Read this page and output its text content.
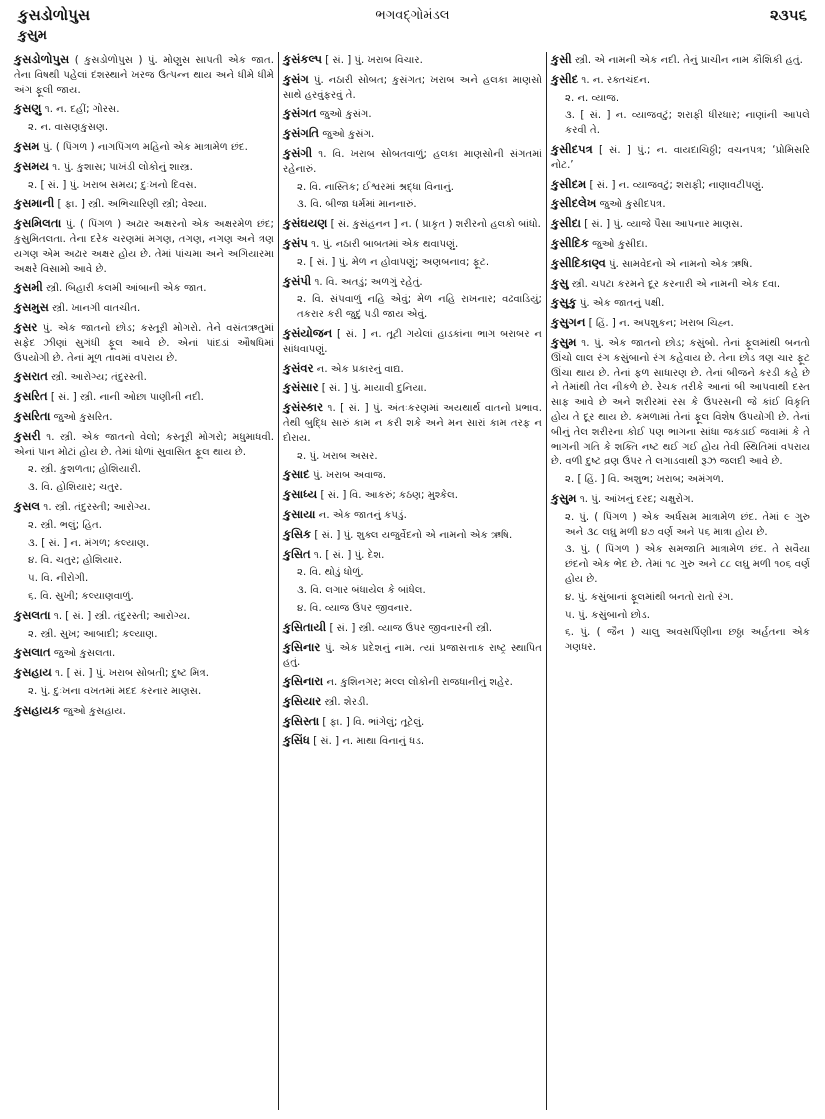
કુસડોળોપુસ
કુસુમ
ભગવદ્ગોમંડલ	૨૩૫૬
કુસડોળોપુસ ( કુસડોળોપુસ ) પું. મોણુસ સાપતી એક જાત. તેના વિષથી પહેલાં દંશસ્થાને ખરજ ઉત્પન્ન થાય અને ધીમે ધીમે અંગ ફૂલી જાય.
કુસણુ ૧. ન. દહીં; ગોરસ.
૨. ન. વાસણકુસણ.
કુસમ પું. ( પિંગળ ) નાગપિંગળ મહિનો એક માત્રામેળ છંદ.
કુસમય ૧. પું. કુશાસ; પાખંડી લોકોનું શાસ્ત્ર.
૨. [ સં. ] પું. ખરાબ સમય; દુઃખનો દિવસ.
કુસમાની [ ફા. ] સ્ત્રી. અભિચારિણી સ્ત્રી; વેશ્યા.
કુસમિલતા પું. ( પિંગળ ) અઢાર અક્ષરનો એક અક્ષરમેળ છંદ; કુસુમિતલતા. તેના દરેક ચરણમાં મગણ, તગણ, નગણ અને ત્રણ યગણ એમ અઢાર અક્ષર હોય છે. તેમાં પાંચમા અને અગિયારમા અક્ષરે વિસામો આવે છે.
કુસમી સ્ત્રી. બિહારી કલમી આંબાની એક જાત.
કુસમુસ સ્ત્રી. ખાનગી વાતચીત.
કુસર પું. એક જાતનો છોડ; કસ્તૂરી મોગરો. તેને વસંતઋતુમાં સફેદ ઝીણાં સુગંધી ફૂલ આવે છે. એનાં પાંદડાં ઔષધિમાં ઉપયોગી છે. તેનાં મૂળ તાવમાં વપરાય છે.
કુસરાત સ્ત્રી. આરોગ્ય; તંદુરસ્તી.
કુસરિત [ સં. ] સ્ત્રી. નાની ઓછા પાણીની નદી.
કુસરિતા જુઓ કુસરિત.
કુસરી ૧. સ્ત્રી. એક જાતનો વેલો; કસ્તૂરી મોગરો; મધુમાધવી. એનાં પાન મોટાં હોય છે. તેમાં ધોળાં સુવાસિત ફૂલ થાય છે.
૨. સ્ત્રી. કુશળતા; હોશિયારી.
૩. વિ. હોશિયાર; ચતુર.
કુસલ ૧. સ્ત્રી. તંદુરસ્તી; આરોગ્ય.
૨. સ્ત્રી. ભલું; હિત.
૩. [ સં. ] ન. મંગળ; કલ્યાણ.
૪. વિ. ચતુર; હોશિયાર.
૫. વિ. નીરોગી.
૬. વિ. સુખી; કલ્યાણવાળું.
કુસલતા ૧. [ સં. ] સ્ત્રી. તંદુરસ્તી; આરોગ્ય.
૨. સ્ત્રી. સુખ; આબાદી; કલ્યાણ.
કુસલાત જુઓ કુસલતા.
કુસહાય ૧. [ સં. ] પું. ખરાબ સોબતી; દુષ્ટ મિત્ર.
૨. પું. દુઃખના વખતમાં મદદ કરનાર માણસ.
કુસહાયક જુઓ કુસહાય.
કુસંકલ્પ [ સં. ] પું. ખરાબ વિચાર.
કુસંગ પું. નઠારી સોબત; કુસંગત; ખરાબ અને હલકા માણસો સાથે હરવુંફરવું તે.
કુસંગત જુઓ કુસંગ.
કુસંગતિ જુઓ કુસંગ.
કુસંગી ૧. વિ. ખરાબ સોબતવાળું; હલકા માણસોની સંગતમાં રહેનારું.
૨. વિ. નાસ્તિક; ઈશ્વરમાં શ્રદ્ધા વિનાનું.
૩. વિ. બીજા ધર્મમાં માનનારું.
કુસંઘયણ [ સં. કુસંહનન ] ન. ( પ્રાકૃત ) શરીરનો હલકો બાંધો.
કુસંપ ૧. પું. નઠારી બાબતમાં એક થવાપણું.
૨. [ સં. ] પું. મેળ ન હોવાપણું; અણબનાવ; ફૂટ.
કુસંપી ૧. વિ. અતડું; અળગું રહેતું.
૨. વિ. સંપવાળું નહિ એવું; મેળ નહિ રાખનાર; વઢવાડિયું; તકરાર કરી જુદું પડી જાય એવું.
કુસંયોજન [ સં. ] ન. તૂટી ગયેલાં હાડકાંના ભાગ બરાબર ન સાંધવાપણું.
કુસંવર ન. એક પ્રકારનું વાદ્ય.
કુસંસાર [ સં. ] પું. માયાવી દુનિયા.
કુસંસ્કાર ૧. [ સં. ] પું. અંતઃકરણમાં અયથાર્થ વાતનો પ્રભાવ. તેથી બુદ્ધિ સારું કામ ન કરી શકે અને મન સારાં કામ તરફ ન દોરાય.
૨. પું. ખરાબ અસર.
કુસાદ પું. ખરાબ અવાજ.
કુસાધ્ય [ સં. ] વિ. આકરું; કઠણ; મુશ્કેલ.
કુસાયા ન. એક જાતનું કપડું.
કુસિક [ સં. ] પું. શુક્લ યજુર્વેદનો એ નામનો એક ઋષિ.
કુસિત ૧. [ સં. ] પું. દેશ.
૨. વિ. થોડું ધોળું.
૩. વિ. લગાર બંધાયેલ કે બાંધેલ.
૪. વિ. વ્યાજ ઉપર જીવનાર.
કુસિતાયી [ સં. ] સ્ત્રી. વ્યાજ ઉપર જીવનારની સ્ત્રી.
કુસિનાર પું. એક પ્રદેશનું નામ. ત્યાં પ્રજાસત્તાક રાષ્ટ્ર સ્થાપિત હતું.
કુસિનારા ન. કુશિનગર; મલ્લ લોકોની રાજધાનીનું શહેર.
કુસિયાર સ્ત્રી. શેરડી.
કુસિસ્તા [ ફા. ] વિ. ભાંગેલું; તૂટેલું.
કુસિંધ [ સં. ] ન. માથા વિનાનું ધડ.
કુસી સ્ત્રી. એ નામની એક નદી. તેનું પ્રાચીન નામ કૌશિકી હતું.
કુસીદ ૧. ન. રક્તચંદન.
૨. ન. વ્યાજ.
૩. [ સં. ] ન. વ્યાજવટું; શરાફી ધીરધાર; નાણાંની આપલે કરવી તે.
કુસીદપત્ર [ સં. ] પું.; ન. વાયદાચિઠ્ઠી; વચનપત્ર; ‘પ્રોમિસરિ નોટ.’
કુસીદમ [ સં. ] ન. વ્યાજવટું; શરાફી; નાણાવટીપણું.
કુસીદલેખ જુઓ કુસીદપત્ર.
કુસીદા [ સં. ] પું. વ્યાજે પૈસા આપનાર માણસ.
કુસીદિક જુઓ કુસીદા.
કુસીદિકાણ્વ પું. સામવેદનો એ નામનો એક ઋષિ.
કુસુ સ્ત્રી. ચપટા કરમને દૂર કરનારી એ નામની એક દવા.
કુસુકુ પું. એક જાતનું પક્ષી.
કુસુગન [ હિં. ] ન. અપશુકન; ખરાબ ચિહ્ન.
કુસુમ ૧. પું. એક જાતનો છોડ; કસુંબો. તેનાં ફૂલમાંથી બનતો ઊંચો લાલ રંગ કસુંબાનો રંગ કહેવાય છે. તેના છોડ ત્રણ ચાર ફૂટ ઊંચા થાય છે. તેનાં ફળ સાધારણ છે. તેનાં બીજને કરડી કહે છે ને તેમાંથી તેલ નીકળે છે. રેચક તરીકે આનાં બી આપવાથી દસ્ત સાફ આવે છે અને શરીરમાં રસ કે ઉપરસની જે કાંઈ વિકૃતિ હોય તે દૂર થાય છે. કમળામાં તેનાં ફૂલ વિશેષ ઉપયોગી છે. તેનાં બીનું તેલ શરીરના કોઈ પણ ભાગના સાંધા જકડાઈ જવામાં કે તે ભાગની ગતિ કે શક્તિ નષ્ટ થઈ ગઈ હોય તેવી સ્થિતિમાં વપરાય છે. વળી દુષ્ટ વ્રણ ઉપર તે લગાડવાથી રૂઝ જલદી આવે છે.
૨. [ હિં. ] વિ. અશુભ; ખરાબ; અમંગળ.
કુસુમ ૧. પું. આંખનું દરદ; ચક્ષુરોગ.
૨. પું. ( પિંગળ ) એક અર્ધસમ માત્રામેળ છંદ. તેમાં ૯ ગુરુ અને ૩૮ લઘુ મળી ૪૭ વર્ણ અને ૫૬ માત્રા હોય છે.
૩. પું. ( પિંગળ ) એક સમજાતિ માત્રામેળ છંદ. તે સવૈયા છંદનો એક ભેદ છે. તેમાં ૧૮ ગુરુ અને ૮૮ લઘુ મળી ૧૦૬ વર્ણ હોય છે.
૪. પું. કસુંબાનાં ફૂલમાંથી બનતો રાતો રંગ.
૫. પું. કસુંબાનો છોડ.
૬. પું. ( જૈન ) ચાલુ અવસર્પિણીના છઠ્ઠા અર્હતના એક ગણધર.
